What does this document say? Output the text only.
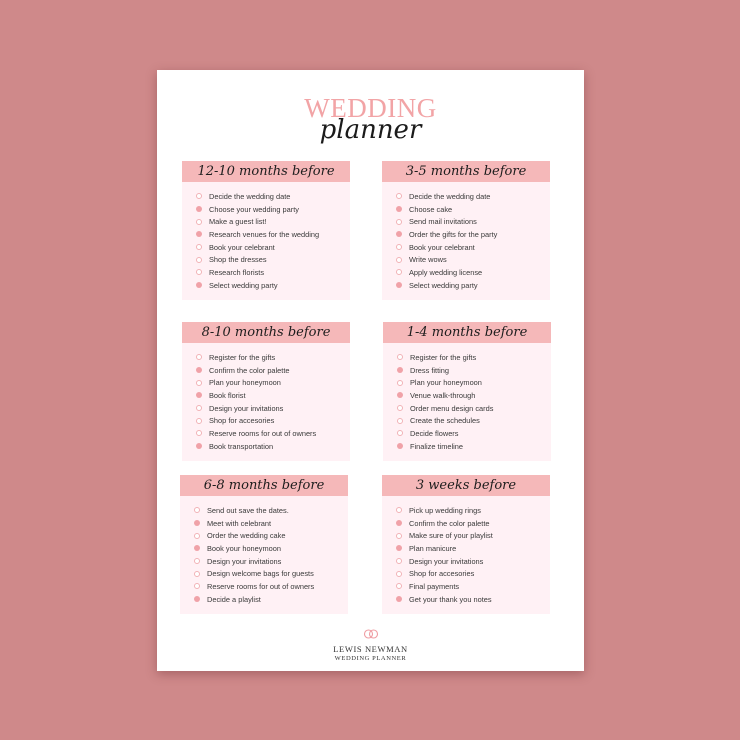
WEDDING
planner
12-10 months before
Decide the wedding date
Choose your wedding party
Make a guest list!
Research venues for the wedding
Book your celebrant
Shop the dresses
Research florists
Select wedding party
3-5 months before
Decide the wedding date
Choose cake
Send mail invitations
Order the gifts for the party
Book your celebrant
Write wows
Apply wedding license
Select wedding party
8-10 months before
Register for the gifts
Confirm the color palette
Plan your honeymoon
Book florist
Design your invitations
Shop for accesories
Reserve rooms for out of owners
Book transportation
1-4 months before
Register for the gifts
Dress fitting
Plan your honeymoon
Venue walk-through
Order menu design cards
Create the schedules
Decide flowers
Finalize timeline
6-8 months before
Send out save the dates.
Meet with celebrant
Order the wedding cake
Book your honeymoon
Design your invitations
Design welcome bags for guests
Reserve rooms for out of owners
Decide a playlist
3 weeks before
Pick up wedding rings
Confirm the color palette
Make sure of your playlist
Plan manicure
Design your invitations
Shop for accesories
Final payments
Get your thank you notes
LEWIS NEWMAN
WEDDING PLANNER
